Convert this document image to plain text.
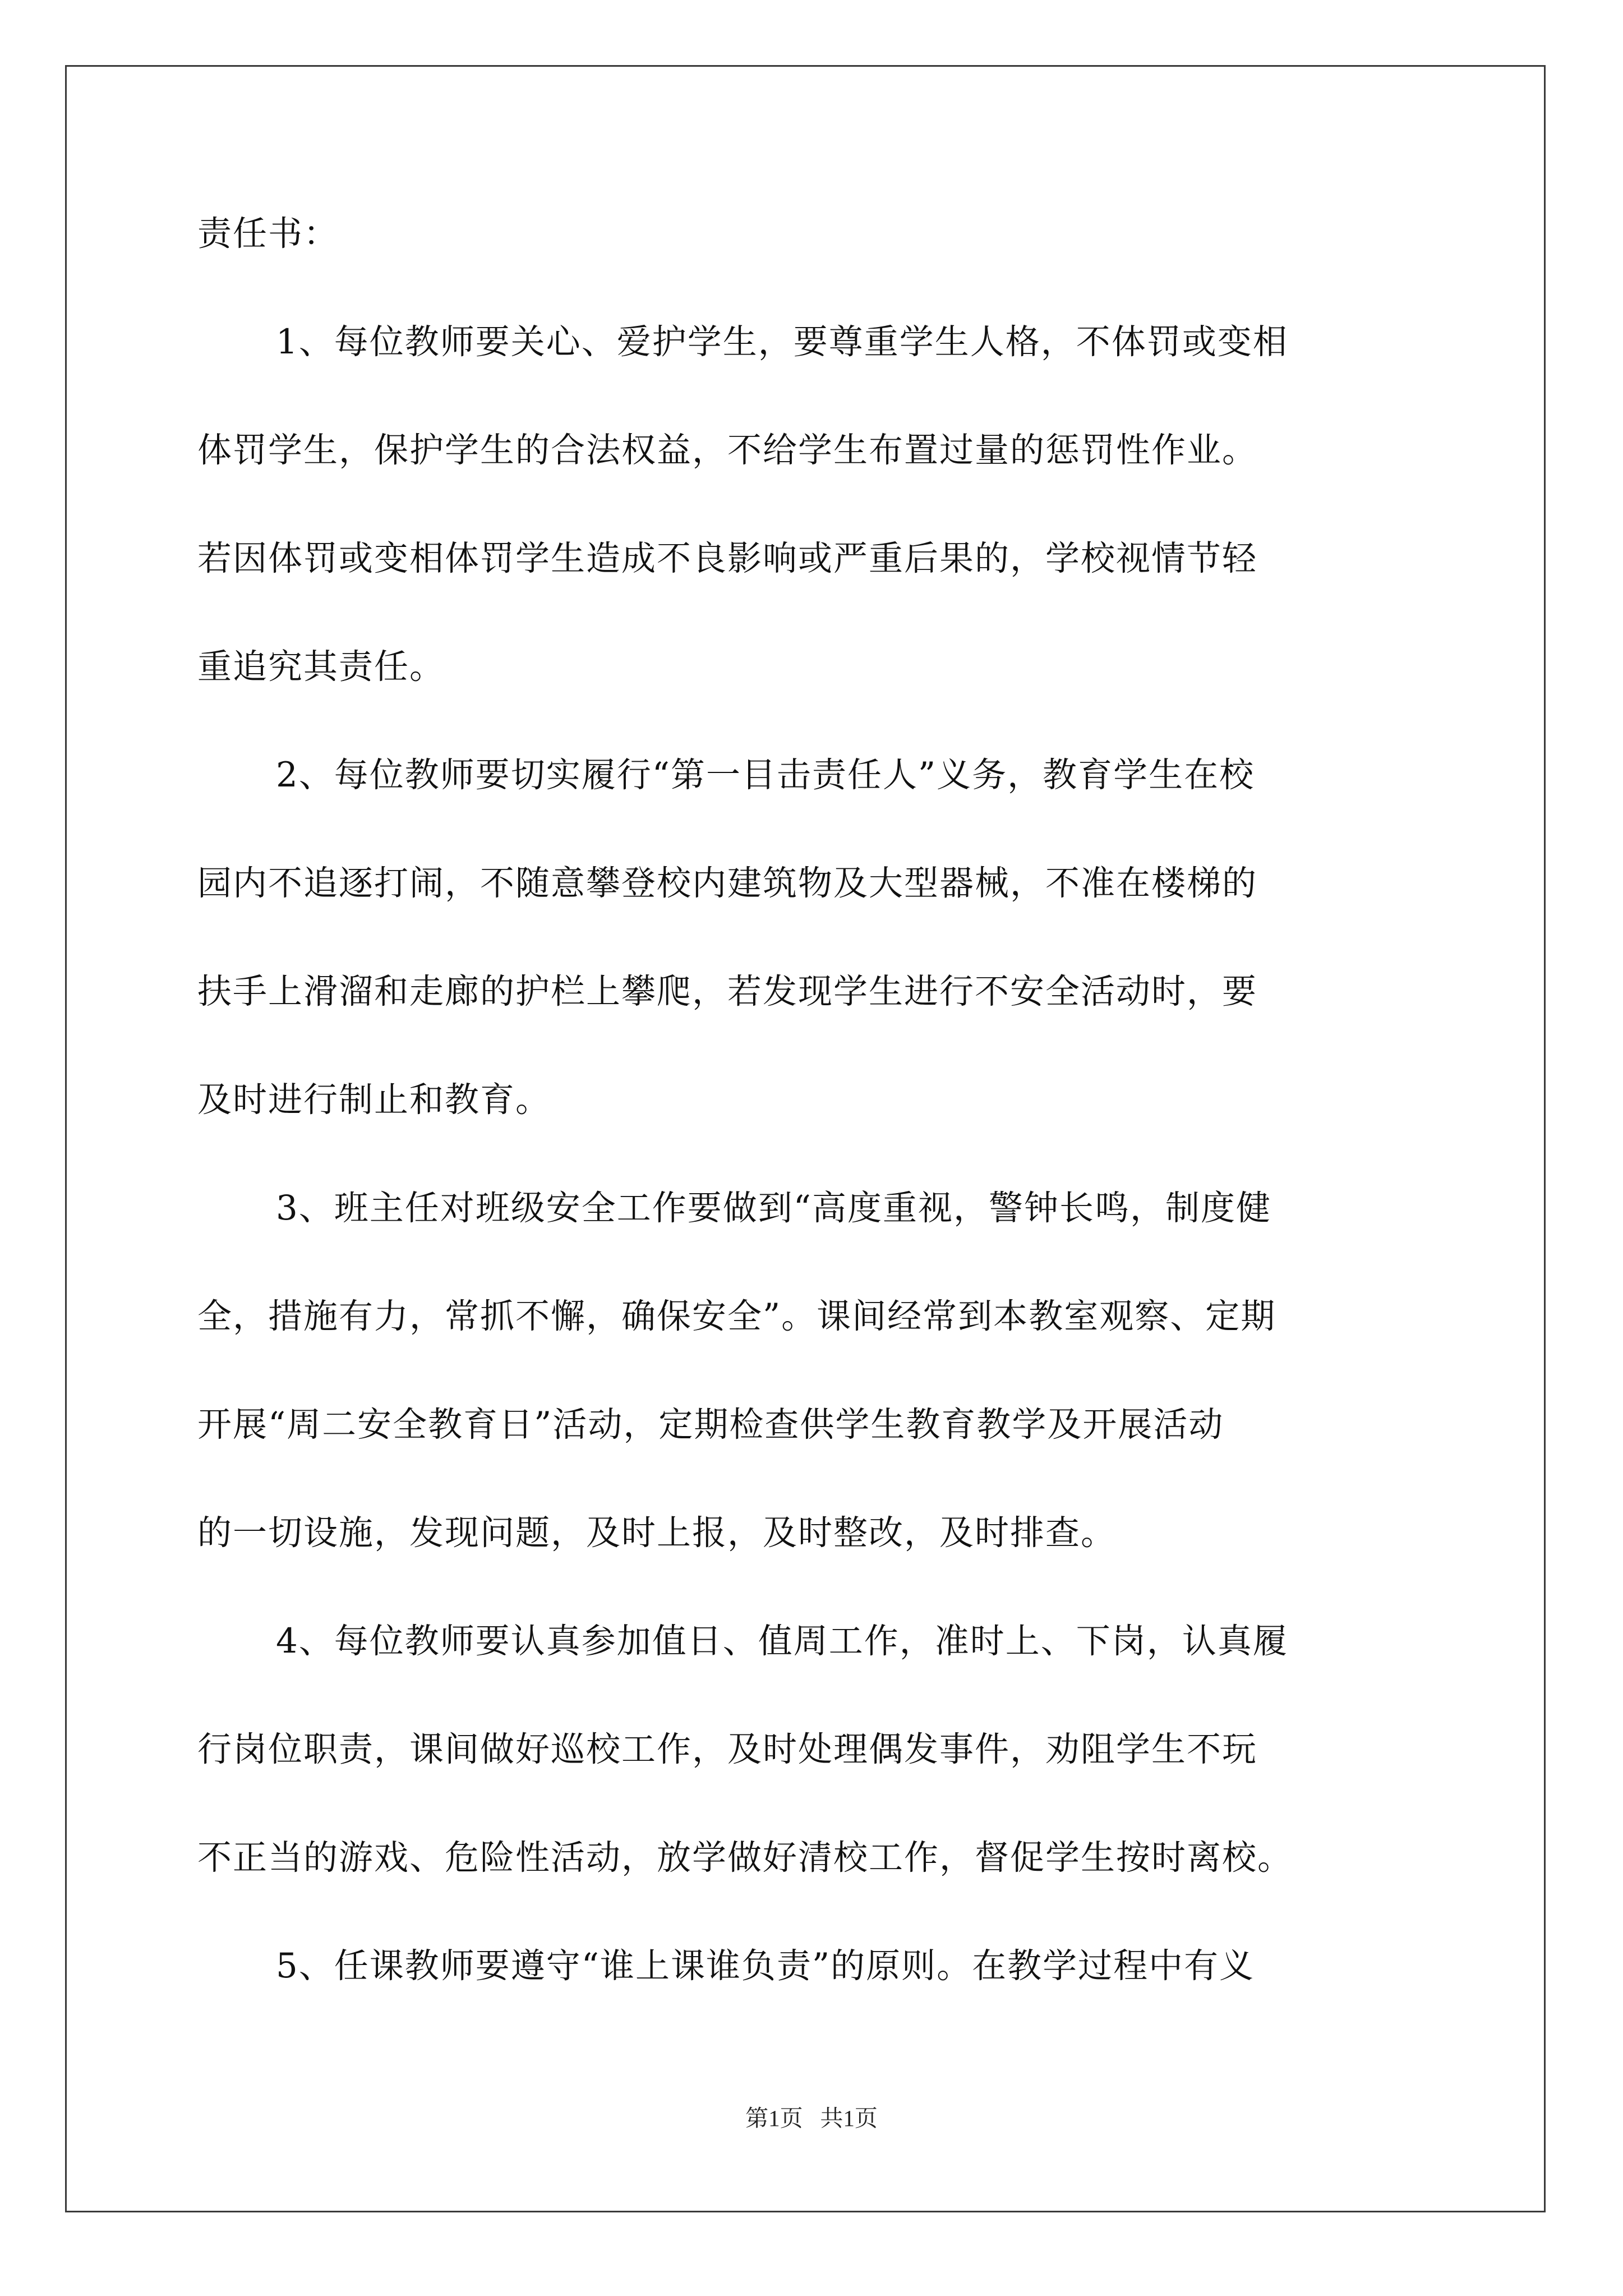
责任书：
1、每位教师要关心、爱护学生，要尊重学生人格，不体罚或变相
体罚学生，保护学生的合法权益，不给学生布置过量的惩罚性作业。
若因体罚或变相体罚学生造成不良影响或严重后果的，学校视情节轻
重追究其责任。
2、每位教师要切实履行“第一目击责任人”义务，教育学生在校
园内不追逐打闹，不随意攀登校内建筑物及大型器械，不准在楼梯的
扶手上滑溜和走廊的护栏上攀爬，若发现学生进行不安全活动时，要
及时进行制止和教育。
3、班主任对班级安全工作要做到“高度重视，警钟长鸣，制度健
全，措施有力，常抓不懈，确保安全”。课间经常到本教室观察、定期
开展“周二安全教育日”活动，定期检查供学生教育教学及开展活动
的一切设施，发现问题，及时上报，及时整改，及时排查。
4、每位教师要认真参加值日、值周工作，准时上、下岗，认真履
行岗位职责，课间做好巡校工作，及时处理偶发事件，劝阻学生不玩
不正当的游戏、危险性活动，放学做好清校工作，督促学生按时离校。
5、任课教师要遵守“谁上课谁负责”的原则。在教学过程中有义
第1页   共1页
